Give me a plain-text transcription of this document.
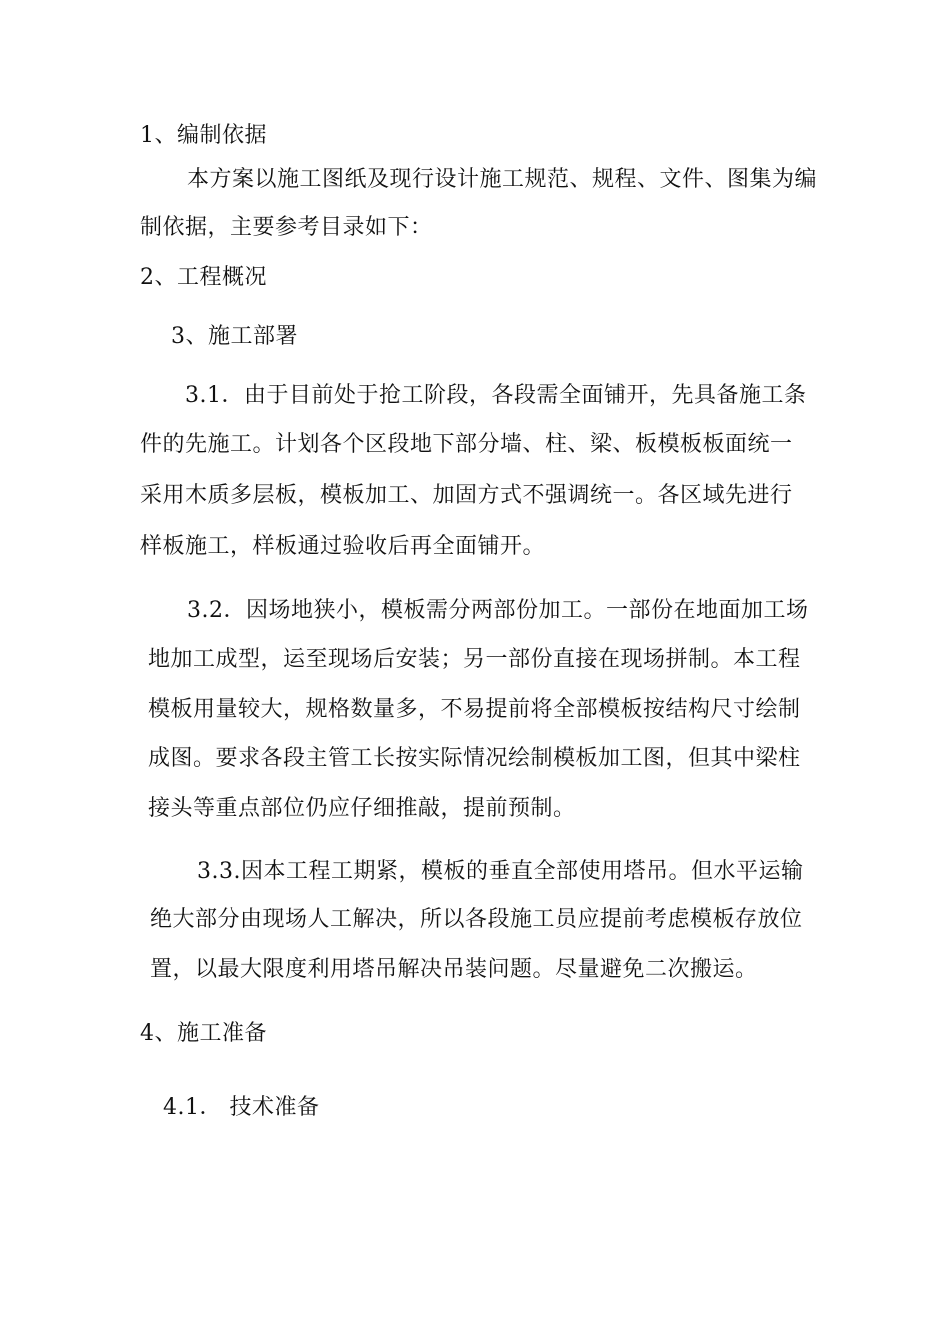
1、编制依据
本方案以施工图纸及现行设计施工规范、规程、文件、图集为编
制依据，主要参考目录如下：
2、工程概况
3、施工部署
3.1．由于目前处于抢工阶段，各段需全面铺开，先具备施工条
件的先施工。计划各个区段地下部分墙、柱、梁、板模板板面统一
采用木质多层板，模板加工、加固方式不强调统一。各区域先进行
样板施工，样板通过验收后再全面铺开。
3.2．因场地狭小，模板需分两部份加工。一部份在地面加工场
地加工成型，运至现场后安装；另一部份直接在现场拼制。本工程
模板用量较大，规格数量多，不易提前将全部模板按结构尺寸绘制
成图。要求各段主管工长按实际情况绘制模板加工图，但其中梁柱
接头等重点部位仍应仔细推敲，提前预制。
3.3.因本工程工期紧，模板的垂直全部使用塔吊。但水平运输
绝大部分由现场人工解决，所以各段施工员应提前考虑模板存放位
置，以最大限度利用塔吊解决吊装问题。尽量避免二次搬运。
4、施工准备
4.1． 技术准备
